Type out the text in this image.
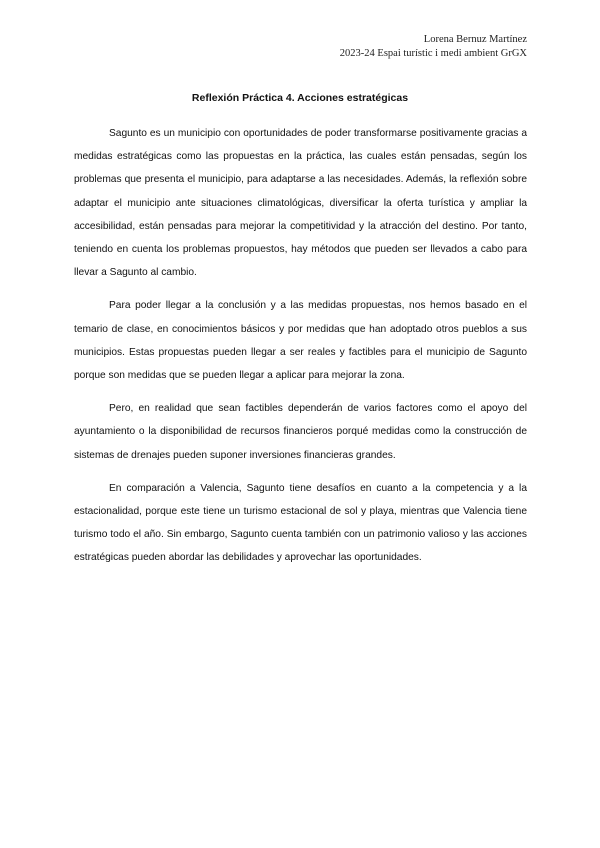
Lorena Bernuz Martínez
2023-24 Espai turístic i medi ambient GrGX
Reflexión Práctica 4. Acciones estratégicas

Sagunto es un municipio con oportunidades de poder transformarse positivamente gracias a medidas estratégicas como las propuestas en la práctica, las cuales están pensadas, según los problemas que presenta el municipio, para adaptarse a las necesidades. Además, la reflexión sobre adaptar el municipio ante situaciones climatológicas, diversificar la oferta turística y ampliar la accesibilidad, están pensadas para mejorar la competitividad y la atracción del destino. Por tanto, teniendo en cuenta los problemas propuestos, hay métodos que pueden ser llevados a cabo para llevar a Sagunto al cambio.

Para poder llegar a la conclusión y a las medidas propuestas, nos hemos basado en el temario de clase, en conocimientos básicos y por medidas que han adoptado otros pueblos a sus municipios. Estas propuestas pueden llegar a ser reales y factibles para el municipio de Sagunto porque son medidas que se pueden llegar a aplicar para mejorar la zona.

Pero, en realidad que sean factibles dependerán de varios factores como el apoyo del ayuntamiento o la disponibilidad de recursos financieros porqué medidas como la construcción de sistemas de drenajes pueden suponer inversiones financieras grandes.

En comparación a Valencia, Sagunto tiene desafíos en cuanto a la competencia y a la estacionalidad, porque este tiene un turismo estacional de sol y playa, mientras que Valencia tiene turismo todo el año. Sin embargo, Sagunto cuenta también con un patrimonio valioso y las acciones estratégicas pueden abordar las debilidades y aprovechar las oportunidades.
